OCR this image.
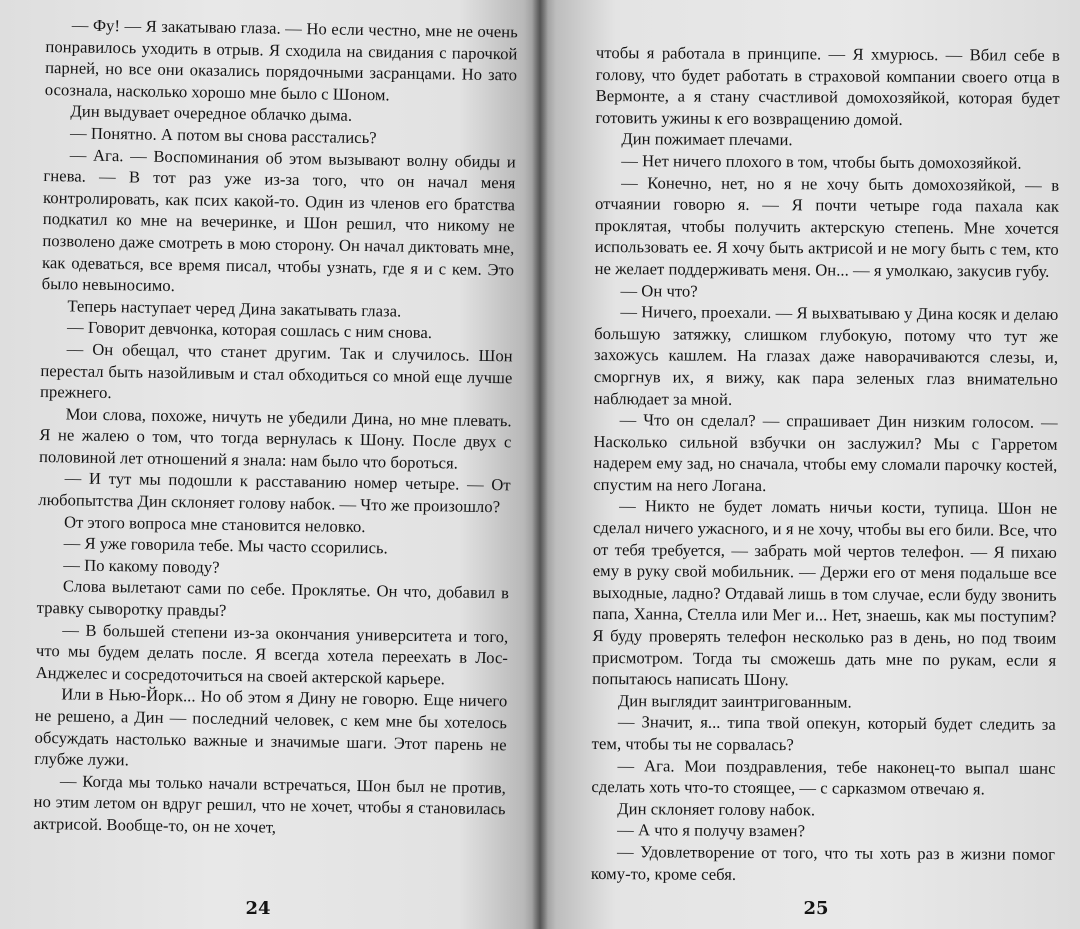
— Фу! — Я закатываю глаза. — Но если честно, мне не очень понравилось уходить в отрыв. Я сходила на свидания с парочкой парней, но все они оказались порядочными засранцами. Но зато осознала, насколько хорошо мне было с Шоном.

Дин выдувает очередное облачко дыма.

— Понятно. А потом вы снова расстались?

— Ага. — Воспоминания об этом вызывают волну обиды и гнева. — В тот раз уже из-за того, что он начал меня контролировать, как псих какой-то. Один из членов его братства подкатил ко мне на вечеринке, и Шон решил, что никому не позволено даже смотреть в мою сторону. Он начал диктовать мне, как одеваться, все время писал, чтобы узнать, где я и с кем. Это было невыносимо.

Теперь наступает черед Дина закатывать глаза.

— Говорит девчонка, которая сошлась с ним снова.

— Он обещал, что станет другим. Так и случилось. Шон перестал быть назойливым и стал обходиться со мной еще лучше прежнего.

Мои слова, похоже, ничуть не убедили Дина, но мне плевать. Я не жалею о том, что тогда вернулась к Шону. После двух с половиной лет отношений я знала: нам было что бороться.

— И тут мы подошли к расставанию номер четыре. — От любопытства Дин склоняет голову набок. — Что же произошло?

От этого вопроса мне становится неловко.

— Я уже говорила тебе. Мы часто ссорились.

— По какому поводу?

Слова вылетают сами по себе. Проклятье. Он что, добавил в травку сыворотку правды?

— В большей степени из-за окончания университета и того, что мы будем делать после. Я всегда хотела переехать в Лос-Анджелес и сосредоточиться на своей актерской карьере.

Или в Нью-Йорк... Но об этом я Дину не говорю. Еще ничего не решено, а Дин — последний человек, с кем мне бы хотелось обсуждать настолько важные и значимые шаги. Этот парень не глубже лужи.

— Когда мы только начали встречаться, Шон был не против, но этим летом он вдруг решил, что не хочет, чтобы я становилась актрисой. Вообще-то, он не хочет,

24

чтобы я работала в принципе. — Я хмурюсь. — Вбил себе в голову, что будет работать в страховой компании своего отца в Вермонте, а я стану счастливой домохозяйкой, которая будет готовить ужины к его возвращению домой.

Дин пожимает плечами.

— Нет ничего плохого в том, чтобы быть домохозяйкой.

— Конечно, нет, но я не хочу быть домохозяйкой, — в отчаянии говорю я. — Я почти четыре года пахала как проклятая, чтобы получить актерскую степень. Мне хочется использовать ее. Я хочу быть актрисой и не могу быть с тем, кто не желает поддерживать меня. Он... — я умолкаю, закусив губу.

— Он что?

— Ничего, проехали. — Я выхватываю у Дина косяк и делаю большую затяжку, слишком глубокую, потому что тут же захожусь кашлем. На глазах даже наворачиваются слезы, и, сморгнув их, я вижу, как пара зеленых глаз внимательно наблюдает за мной.

— Что он сделал? — спрашивает Дин низким голосом. — Насколько сильной взбучки он заслужил? Мы с Гарретом надерем ему зад, но сначала, чтобы ему сломали парочку костей, спустим на него Логана.

— Никто не будет ломать ничьи кости, тупица. Шон не сделал ничего ужасного, и я не хочу, чтобы вы его били. Все, что от тебя требуется, — забрать мой чертов телефон. — Я пихаю ему в руку свой мобильник. — Держи его от меня подальше все выходные, ладно? Отдавай лишь в том случае, если буду звонить папа, Ханна, Стелла или Мег и... Нет, знаешь, как мы поступим? Я буду проверять телефон несколько раз в день, но под твоим присмотром. Тогда ты сможешь дать мне по рукам, если я попытаюсь написать Шону.

Дин выглядит заинтригованным.

— Значит, я... типа твой опекун, который будет следить за тем, чтобы ты не сорвалась?

— Ага. Мои поздравления, тебе наконец-то выпал шанс сделать хоть что-то стоящее, — с сарказмом отвечаю я.

Дин склоняет голову набок.

— А что я получу взамен?

— Удовлетворение от того, что ты хоть раз в жизни помог кому-то, кроме себя.

25
